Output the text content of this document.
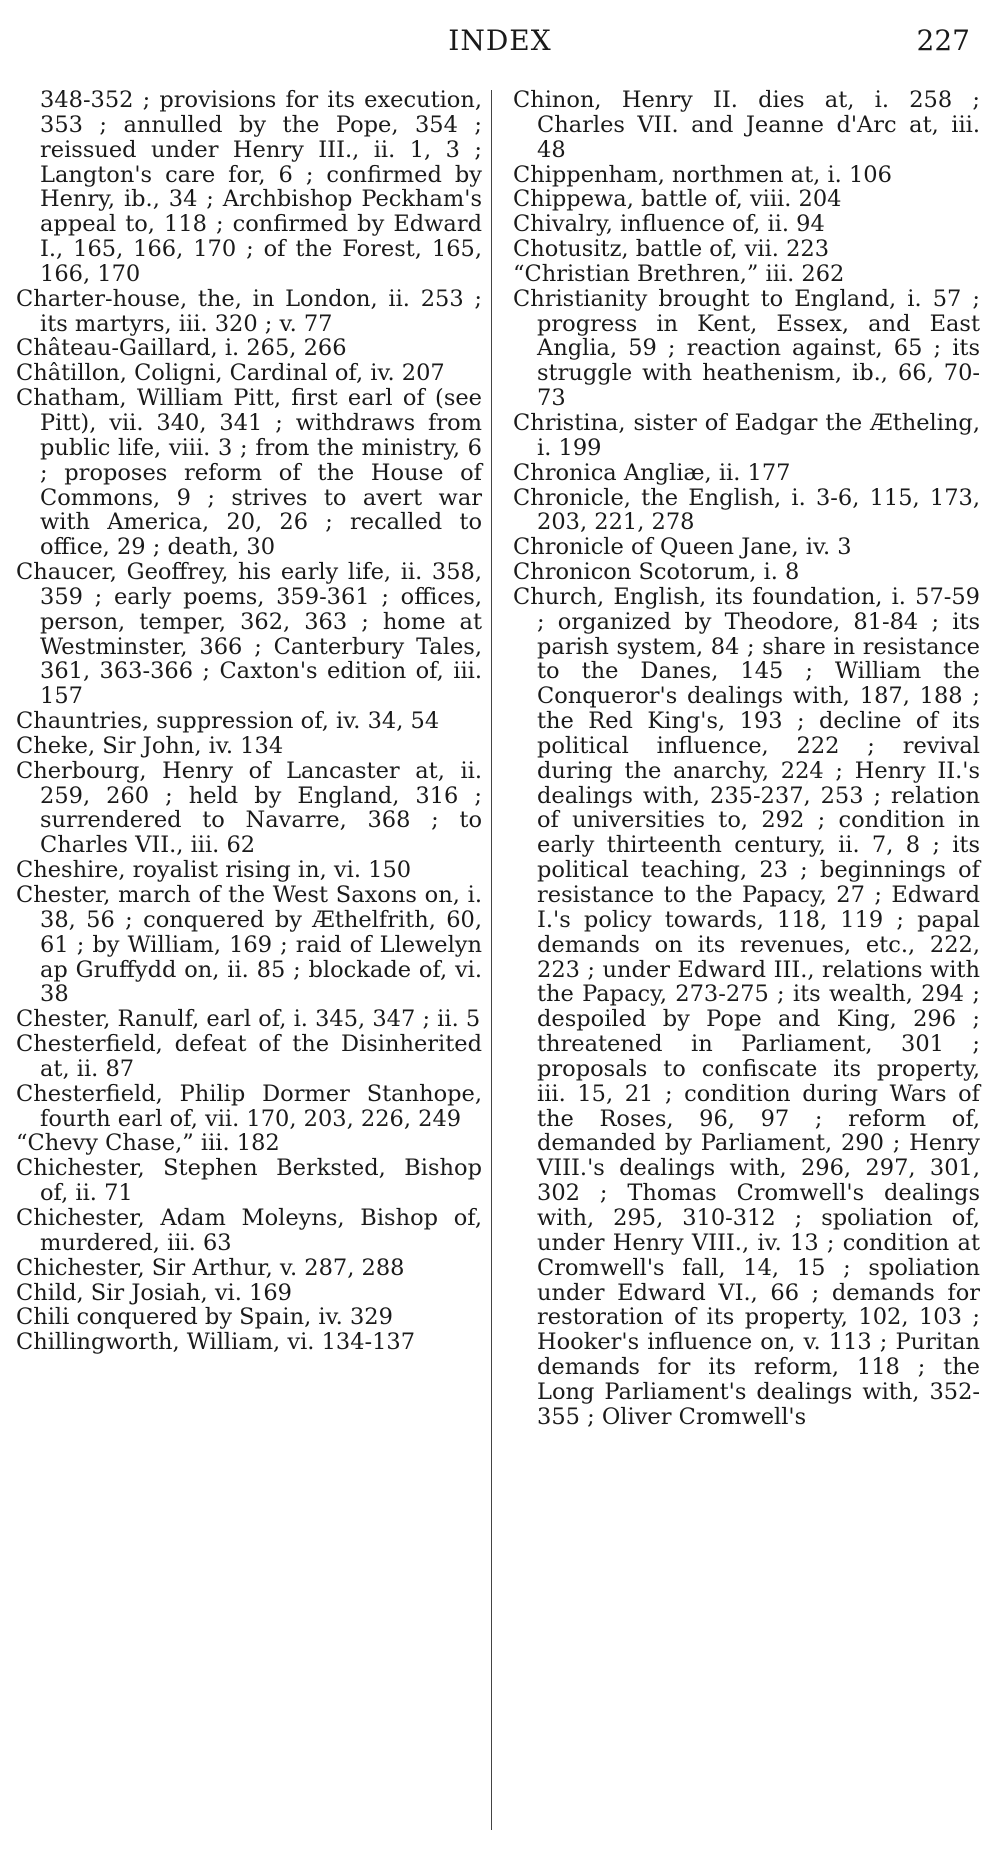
INDEX	227
348-352 ; provisions for its execution, 353 ; annulled by the Pope, 354 ; reissued under Henry III., ii. 1, 3 ; Langton's care for, 6 ; confirmed by Henry, ib., 34 ; Archbishop Peckham's appeal to, 118 ; confirmed by Edward I., 165, 166, 170 ; of the Forest, 165, 166, 170
Charter-house, the, in London, ii. 253 ; its martyrs, iii. 320 ; v. 77
Château-Gaillard, i. 265, 266
Châtillon, Coligni, Cardinal of, iv. 207
Chatham, William Pitt, first earl of (see Pitt), vii. 340, 341 ; withdraws from public life, viii. 3 ; from the ministry, 6 ; proposes reform of the House of Commons, 9 ; strives to avert war with America, 20, 26 ; recalled to office, 29 ; death, 30
Chaucer, Geoffrey, his early life, ii. 358, 359 ; early poems, 359-361 ; offices, person, temper, 362, 363 ; home at Westminster, 366 ; Canterbury Tales, 361, 363-366 ; Caxton's edition of, iii. 157
Chauntries, suppression of, iv. 34, 54
Cheke, Sir John, iv. 134
Cherbourg, Henry of Lancaster at, ii. 259, 260 ; held by England, 316 ; surrendered to Navarre, 368 ; to Charles VII., iii. 62
Cheshire, royalist rising in, vi. 150
Chester, march of the West Saxons on, i. 38, 56 ; conquered by Æthelfrith, 60, 61 ; by William, 169 ; raid of Llewelyn ap Gruffydd on, ii. 85 ; blockade of, vi. 38
Chester, Ranulf, earl of, i. 345, 347 ; ii. 5
Chesterfield, defeat of the Disinherited at, ii. 87
Chesterfield, Philip Dormer Stanhope, fourth earl of, vii. 170, 203, 226, 249
“Chevy Chase,” iii. 182
Chichester, Stephen Berksted, Bishop of, ii. 71
Chichester, Adam Moleyns, Bishop of, murdered, iii. 63
Chichester, Sir Arthur, v. 287, 288
Child, Sir Josiah, vi. 169
Chili conquered by Spain, iv. 329
Chillingworth, William, vi. 134-137
Chinon, Henry II. dies at, i. 258 ; Charles VII. and Jeanne d'Arc at, iii. 48
Chippenham, northmen at, i. 106
Chippewa, battle of, viii. 204
Chivalry, influence of, ii. 94
Chotusitz, battle of, vii. 223
“Christian Brethren,” iii. 262
Christianity brought to England, i. 57 ; progress in Kent, Essex, and East Anglia, 59 ; reaction against, 65 ; its struggle with heathenism, ib., 66, 70-73
Christina, sister of Eadgar the Ætheling, i. 199
Chronica Angliæ, ii. 177
Chronicle, the English, i. 3-6, 115, 173, 203, 221, 278
Chronicle of Queen Jane, iv. 3
Chronicon Scotorum, i. 8
Church, English, its foundation, i. 57-59 ; organized by Theodore, 81-84 ; its parish system, 84 ; share in resistance to the Danes, 145 ; William the Conqueror's dealings with, 187, 188 ; the Red King's, 193 ; decline of its political influence, 222 ; revival during the anarchy, 224 ; Henry II.'s dealings with, 235-237, 253 ; relation of universities to, 292 ; condition in early thirteenth century, ii. 7, 8 ; its political teaching, 23 ; beginnings of resistance to the Papacy, 27 ; Edward I.'s policy towards, 118, 119 ; papal demands on its revenues, etc., 222, 223 ; under Edward III., relations with the Papacy, 273-275 ; its wealth, 294 ; despoiled by Pope and King, 296 ; threatened in Parliament, 301 ; proposals to confiscate its property, iii. 15, 21 ; condition during Wars of the Roses, 96, 97 ; reform of, demanded by Parliament, 290 ; Henry VIII.'s dealings with, 296, 297, 301, 302 ; Thomas Cromwell's dealings with, 295, 310-312 ; spoliation of, under Henry VIII., iv. 13 ; condition at Cromwell's fall, 14, 15 ; spoliation under Edward VI., 66 ; demands for restoration of its property, 102, 103 ; Hooker's influence on, v. 113 ; Puritan demands for its reform, 118 ; the Long Parliament's dealings with, 352-355 ; Oliver Cromwell's
